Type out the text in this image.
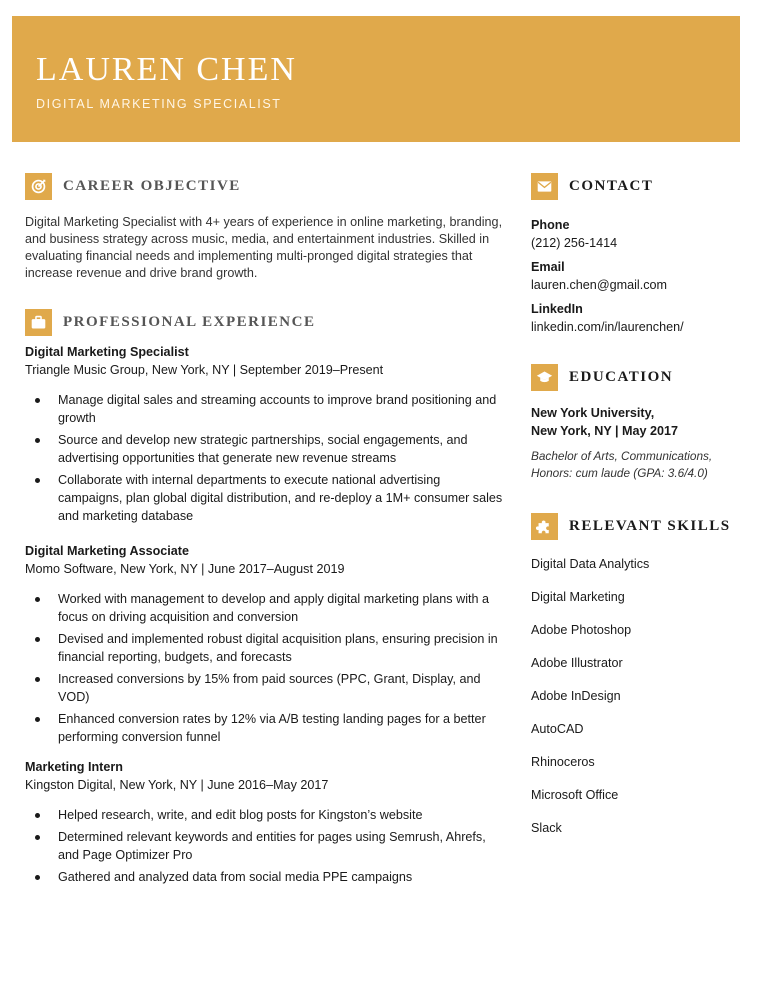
LAUREN CHEN
DIGITAL MARKETING SPECIALIST
CAREER OBJECTIVE

Digital Marketing Specialist with 4+ years of experience in online marketing, branding, and business strategy across music, media, and entertainment industries. Skilled in evaluating financial needs and implementing multi-pronged digital strategies that increase revenue and drive brand growth.

PROFESSIONAL EXPERIENCE
Digital Marketing Specialist
Triangle Music Group, New York, NY | September 2019–Present
Manage digital sales and streaming accounts to improve brand positioning and growth
Source and develop new strategic partnerships, social engagements, and advertising opportunities that generate new revenue streams
Collaborate with internal departments to execute national advertising campaigns, plan global digital distribution, and re-deploy a 1M+ consumer sales and marketing database
Digital Marketing Associate
Momo Software, New York, NY | June 2017–August 2019
Worked with management to develop and apply digital marketing plans with a focus on driving acquisition and conversion
Devised and implemented robust digital acquisition plans, ensuring precision in financial reporting, budgets, and forecasts
Increased conversions by 15% from paid sources (PPC, Grant, Display, and VOD)
Enhanced conversion rates by 12% via A/B testing landing pages for a better performing conversion funnel
Marketing Intern
Kingston Digital, New York, NY | June 2016–May 2017
Helped research, write, and edit blog posts for Kingston’s website
Determined relevant keywords and entities for pages using Semrush, Ahrefs, and Page Optimizer Pro
Gathered and analyzed data from social media PPE campaigns
CONTACT
Phone
(212) 256-1414
Email
lauren.chen@gmail.com
LinkedIn
linkedin.com/in/laurenchen/
EDUCATION
New York University,
New York, NY | May 2017
Bachelor of Arts, Communications,
Honors: cum laude (GPA: 3.6/4.0)
RELEVANT SKILLS
Digital Data Analytics
Digital Marketing
Adobe Photoshop
Adobe Illustrator
Adobe InDesign
AutoCAD
Rhinoceros
Microsoft Office
Slack
